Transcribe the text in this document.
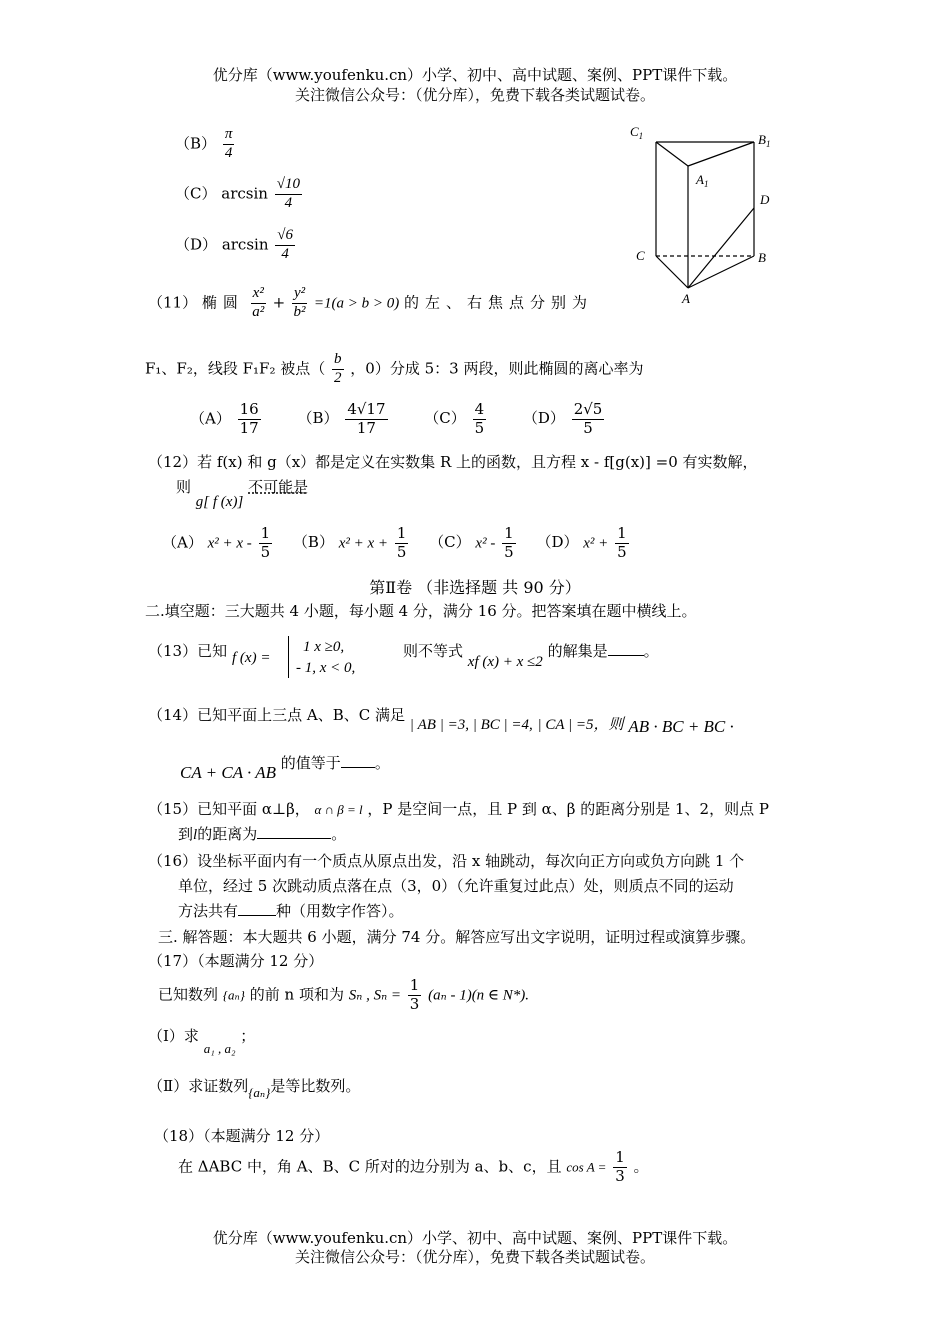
优分库（www.youfenku.cn）小学、初中、高中试题、案例、PPT课件下载。
关注微信公众号：（优分库），免费下载各类试题试卷。
$(B) \frac{\pi}{4}$
（C） $\arcsin \frac{√10}{4}$
（D） $\arcsin \frac{√6}{4}$
$C_1$	$B_1$
$A_1$
D
C	B
A
（11） 椭圆 $\frac{\text{x²}}{\text{a²}} + \frac{\text{y²}}{\text{b²}} =1(a > b > 0)$ 的左、右焦点分别为
F₁、F₂，线段 F₁F₂ 被点（ $\frac{b}{2}$ ，0）分成 5：3 两段，则此椭圆的离心率为
$(A) \frac{16}{17} (B) \frac{4√17}{17} (C) \frac{4}{5} (D) \frac{2√5}{5}$
（12）若 f(x) 和 g（x）都是定义在实数集 R 上的函数，且方程 x - f[g(x)] =0 有实数解，
则 g[ f (x)] 不可能是
（A） $x^2 + x - \frac{1}{5} (B) x^2 + x + \frac{1}{5} (C)$ $x^2 - \frac{1}{5} (D) x^2 + \frac{1}{5}$
第Ⅱ卷 （非选择题 共 90 分）
二.填空题：三大题共 4 小题，每小题 4 分，满分 16 分。把答案填在题中横线上。
（13）已知 f (x) =
1 x ≥0,
- 1, x < 0,
则不等式 xf (x) + x ≤2 的解集是 。
（14）已知平面上三点 A、B、C 满足 | AB | =3, | BC | =4, | CA | =5，则 AB · BC + BC ·
CA + CA · AB 的值等于 。
（15）已知平面 α⊥β， α ∩ β = l ，P 是空间一点，且 P 到 α、β 的距离分别是 1、2，则点 P
到l的距离为	。
（16）设坐标平面内有一个质点从原点出发，沿 x 轴跳动，每次向正方向或负方向跳 1 个
单位，经过 5 次跳动质点落在点（3，0）（允许重复过此点）处，则质点不同的运动
方法共有	种（用数字作答）。
三. 解答题：本大题共 6 小题，满分 74 分。解答应写出文字说明，证明过程或演算步骤。
（17）（本题满分 12 分）
已知数列 {aₙ} 的前 n 项和为 Sₙ , $S_n = \frac{1}{3} (a_n - 1)(n$ ∈ N*).
（Ⅰ）求 a₁ , a₂ ；
（Ⅱ）求证数列{aₙ}是等比数列。
（18）（本题满分 12 分）
在 ΔABC 中，角 A、B、C 所对的边分别为 a、b、c，且 $\cos A = \frac{1}{3}$ 。
优分库（www.youfenku.cn）小学、初中、高中试题、案例、PPT课件下载。
关注微信公众号：（优分库），免费下载各类试题试卷。
